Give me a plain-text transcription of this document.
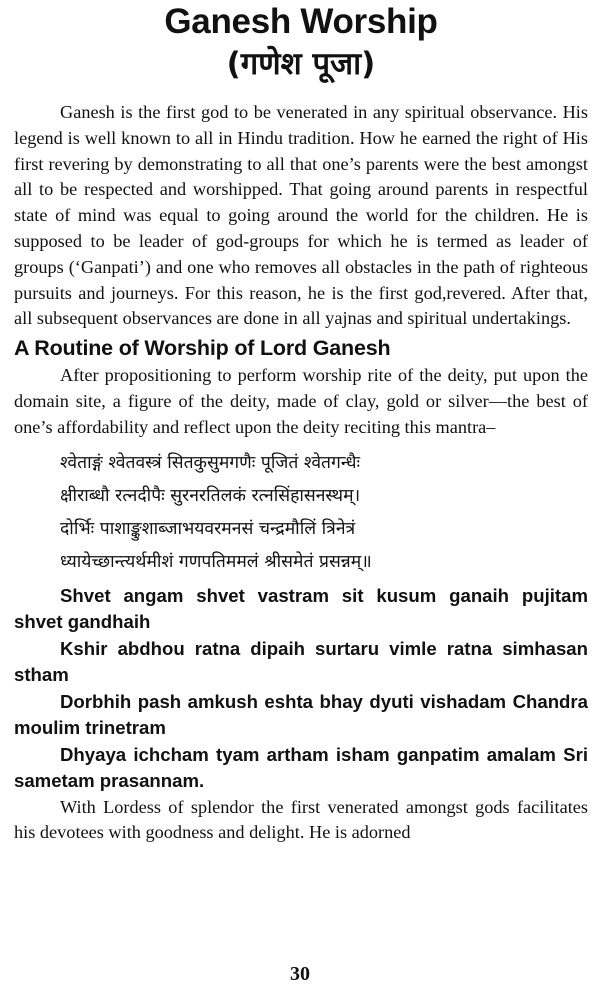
Ganesh Worship
(गणेश पूजा)

Ganesh is the first god to be venerated in any spiritual observance. His legend is well known to all in Hindu tradition. How he earned the right of His first revering by demonstrating to all that one’s parents were the best amongst all to be respected and worshipped. That going around parents in respectful state of mind was equal to going around the world for the children. He is supposed to be leader of god-groups for which he is termed as leader of groups (‘Ganpati’) and one who removes all obstacles in the path of righteous pursuits and journeys. For this reason, he is the first god,revered. After that, all subsequent observances are done in all yajnas and spiritual undertakings.

A Routine of Worship of Lord Ganesh

After propositioning to perform worship rite of the deity, put upon the domain site, a figure of the deity, made of clay, gold or silver—the best of one’s affordability and reflect upon the deity reciting this mantra–

श्वेताङ्गं श्वेतवस्त्रं सितकुसुमगणैः पूजितं श्वेतगन्धैः
क्षीराब्धौ रत्नदीपैः सुरनरतिलकं रत्नसिंहासनस्थम्।
दोर्भिः पाशाङ्कुशाब्जाभयवरमनसं चन्द्रमौलिं त्रिनेत्रं
ध्यायेच्छान्त्यर्थमीशं गणपतिममलं श्रीसमेतं प्रसन्नम्॥

Shvet angam shvet vastram sit kusum ganaih pujitam shvet gandhaih

Kshir abdhou ratna dipaih surtaru vimle ratna simhasan stham

Dorbhih pash amkush eshta bhay dyuti vishadam Chandra moulim trinetram

Dhyaya ichcham tyam artham isham ganpatim amalam Sri sametam prasannam.

With Lordess of splendor the first venerated amongst gods facilitates his devotees with goodness and delight. He is adorned

30
